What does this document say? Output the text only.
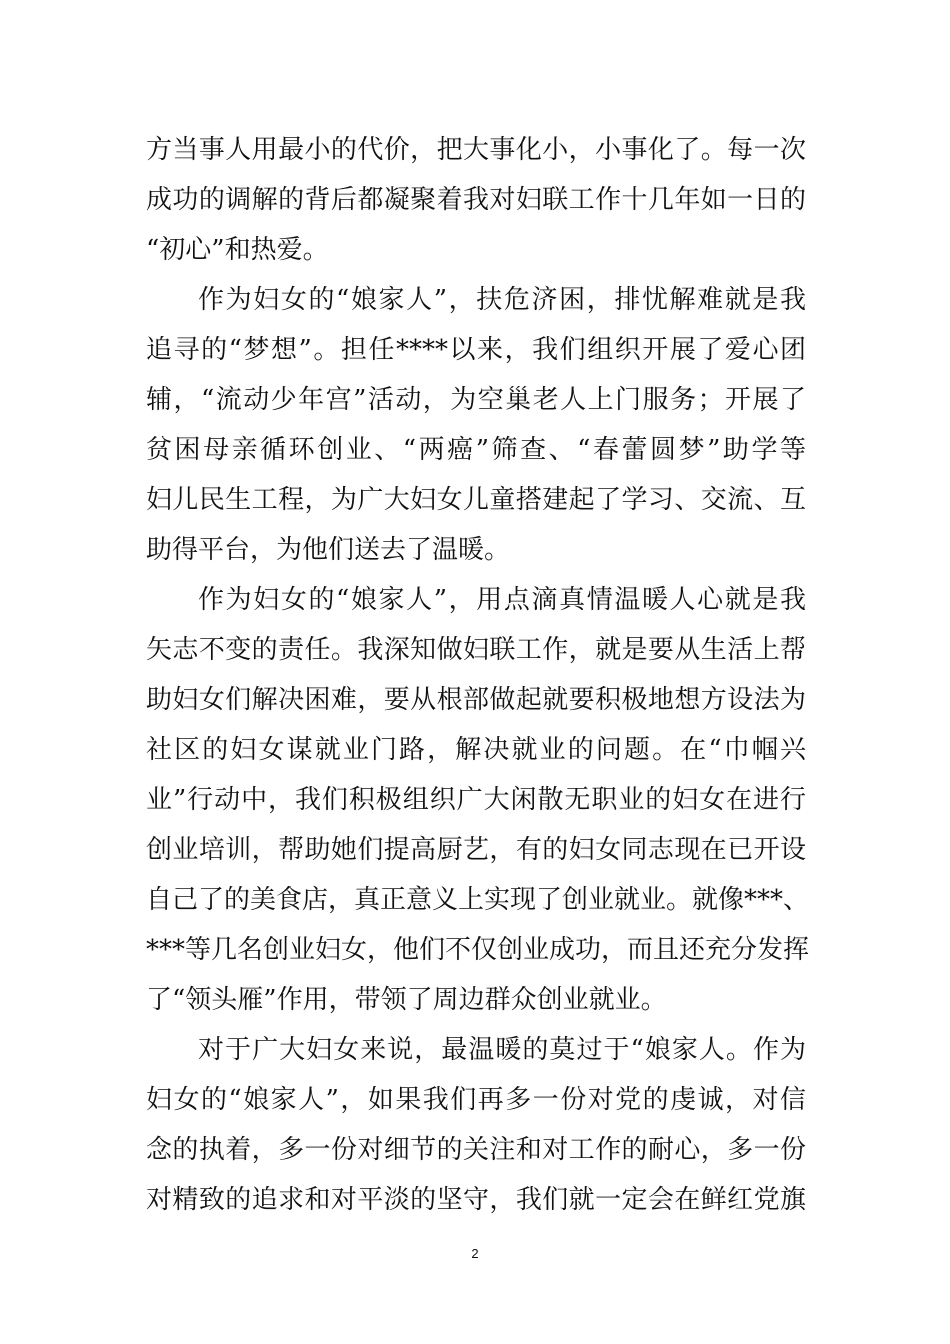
方当事人用最小的代价，把大事化小，小事化了。每一次
成功的调解的背后都凝聚着我对妇联工作十几年如一日的
“初心”和热爱。
作为妇女的“娘家人”，扶危济困，排忧解难就是我
追寻的“梦想”。担任****以来，我们组织开展了爱心团
辅，“流动少年宫”活动，为空巢老人上门服务；开展了
贫困母亲循环创业、“两癌”筛查、“春蕾圆梦”助学等
妇儿民生工程，为广大妇女儿童搭建起了学习、交流、互
助得平台，为他们送去了温暖。
作为妇女的“娘家人”，用点滴真情温暖人心就是我
矢志不变的责任。我深知做妇联工作，就是要从生活上帮
助妇女们解决困难，要从根部做起就要积极地想方设法为
社区的妇女谋就业门路，解决就业的问题。在“巾帼兴
业”行动中，我们积极组织广大闲散无职业的妇女在进行
创业培训，帮助她们提高厨艺，有的妇女同志现在已开设
自己了的美食店，真正意义上实现了创业就业。就像***、
***等几名创业妇女，他们不仅创业成功，而且还充分发挥
了“领头雁”作用，带领了周边群众创业就业。
对于广大妇女来说，最温暖的莫过于“娘家人。作为
妇女的“娘家人”，如果我们再多一份对党的虔诚，对信
念的执着，多一份对细节的关注和对工作的耐心，多一份
对精致的追求和对平淡的坚守，我们就一定会在鲜红党旗
2
